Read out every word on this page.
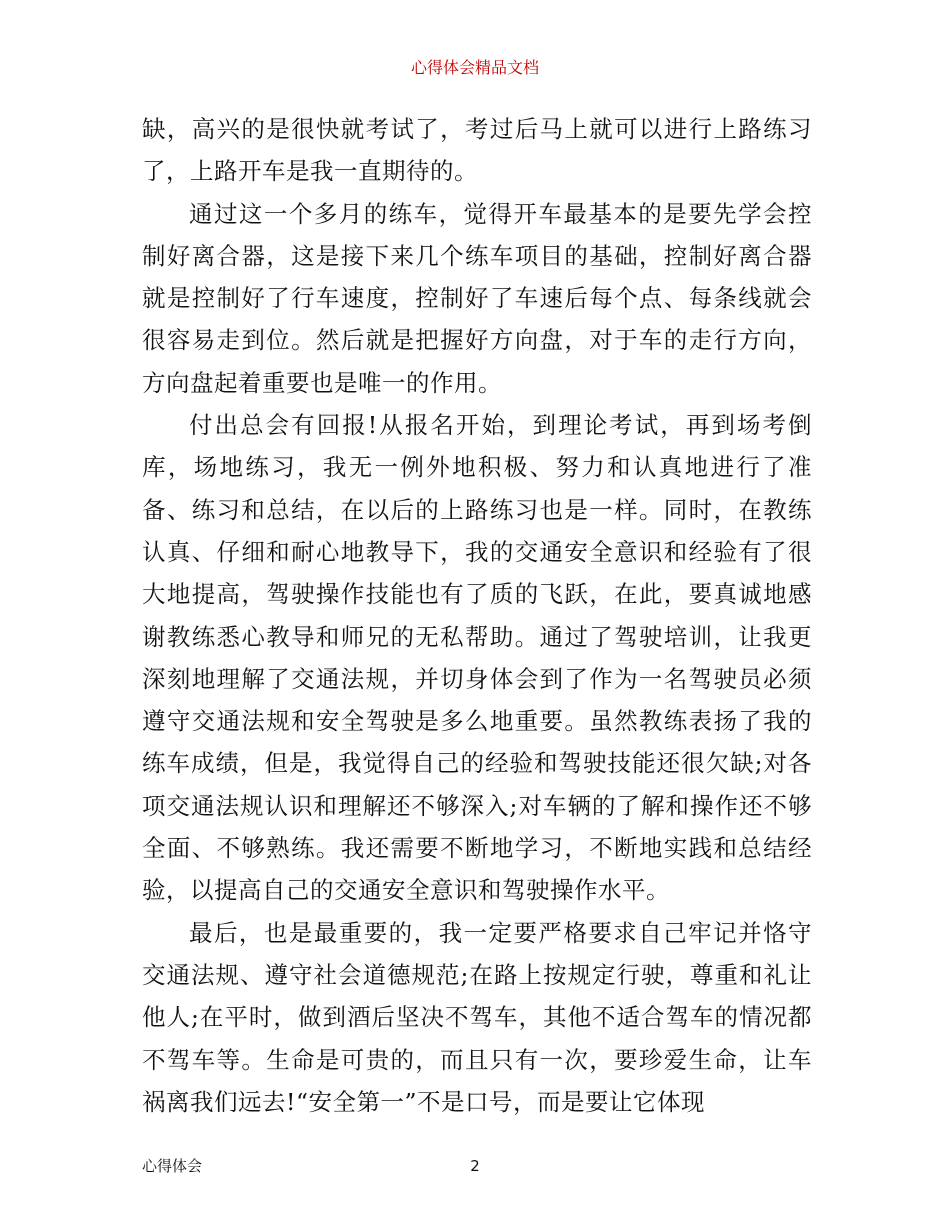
心得体会精品文档

缺，高兴的是很快就考试了，考过后马上就可以进行上路练习了，上路开车是我一直期待的。

通过这一个多月的练车，觉得开车最基本的是要先学会控制好离合器，这是接下来几个练车项目的基础，控制好离合器就是控制好了行车速度，控制好了车速后每个点、每条线就会很容易走到位。然后就是把握好方向盘，对于车的走行方向，方向盘起着重要也是唯一的作用。

付出总会有回报!从报名开始，到理论考试，再到场考倒库，场地练习，我无一例外地积极、努力和认真地进行了准备、练习和总结，在以后的上路练习也是一样。同时，在教练认真、仔细和耐心地教导下，我的交通安全意识和经验有了很大地提高，驾驶操作技能也有了质的飞跃，在此，要真诚地感谢教练悉心教导和师兄的无私帮助。通过了驾驶培训，让我更深刻地理解了交通法规，并切身体会到了作为一名驾驶员必须遵守交通法规和安全驾驶是多么地重要。虽然教练表扬了我的练车成绩，但是，我觉得自己的经验和驾驶技能还很欠缺;对各项交通法规认识和理解还不够深入;对车辆的了解和操作还不够全面、不够熟练。我还需要不断地学习，不断地实践和总结经验，以提高自己的交通安全意识和驾驶操作水平。

最后，也是最重要的，我一定要严格要求自己牢记并恪守交通法规、遵守社会道德规范;在路上按规定行驶，尊重和礼让他人;在平时，做到酒后坚决不驾车，其他不适合驾车的情况都不驾车等。生命是可贵的，而且只有一次，要珍爱生命，让车祸离我们远去!“安全第一”不是口号，而是要让它体现

心得体会	2
